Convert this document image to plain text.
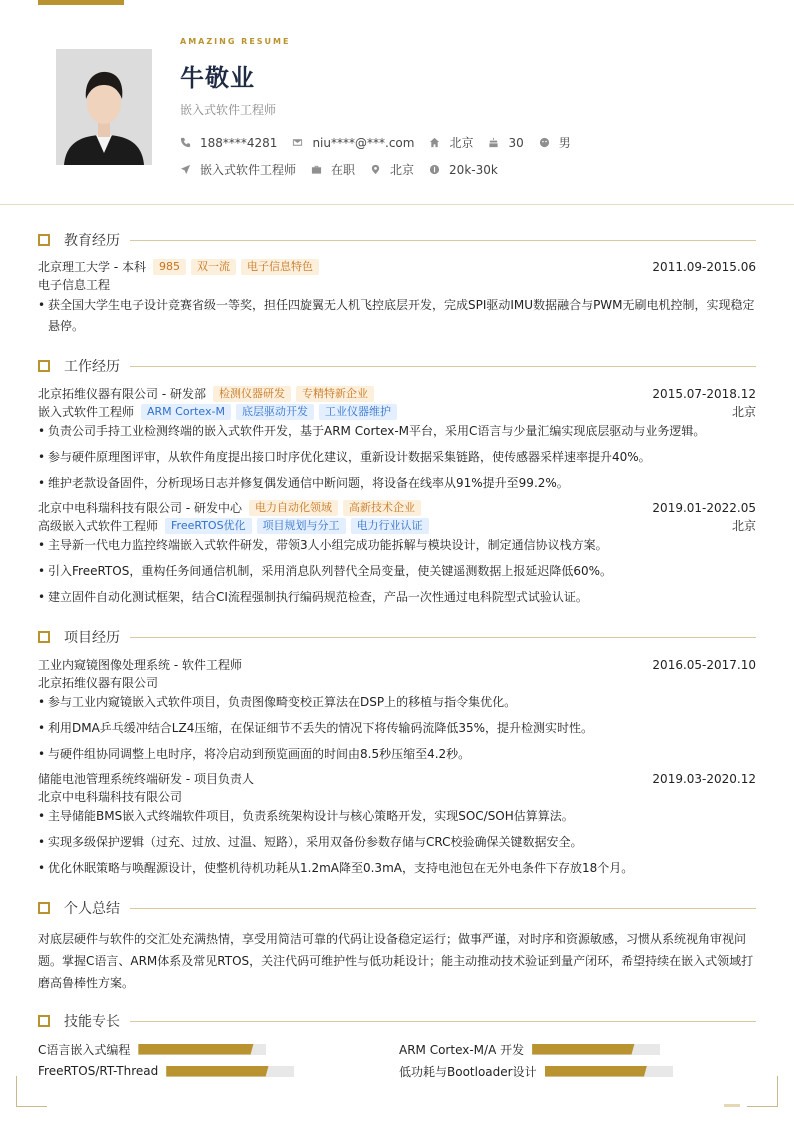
AMAZING RESUME
牛敬业
嵌入式软件工程师
188****4281	niu****@***.com	北京	30	男
嵌入式软件工程师	在职	北京	20k-30k
教育经历
北京理工大学 - 本科	985	双一流	电子信息特色	2011.09-2015.06
电子信息工程
• 获全国大学生电子设计竞赛省级一等奖，担任四旋翼无人机飞控底层开发，完成SPI驱动IMU数据融合与PWM无刷电机控制，实现稳定悬停。
工作经历
北京拓维仪器有限公司 - 研发部	检测仪器研发	专精特新企业	2015.07-2018.12
嵌入式软件工程师	ARM Cortex-M	底层驱动开发	工业仪器维护	北京
• 负责公司手持工业检测终端的嵌入式软件开发，基于ARM Cortex-M平台，采用C语言与少量汇编实现底层驱动与业务逻辑。
• 参与硬件原理图评审，从软件角度提出接口时序优化建议，重新设计数据采集链路，使传感器采样速率提升40%。
• 维护老款设备固件，分析现场日志并修复偶发通信中断问题，将设备在线率从91%提升至99.2%。
北京中电科瑞科技有限公司 - 研发中心	电力自动化领域	高新技术企业	2019.01-2022.05
高级嵌入式软件工程师	FreeRTOS优化	项目规划与分工	电力行业认证	北京
• 主导新一代电力监控终端嵌入式软件研发，带领3人小组完成功能拆解与模块设计，制定通信协议栈方案。
• 引入FreeRTOS，重构任务间通信机制，采用消息队列替代全局变量，使关键遥测数据上报延迟降低60%。
• 建立固件自动化测试框架，结合CI流程强制执行编码规范检查，产品一次性通过电科院型式试验认证。
项目经历
工业内窥镜图像处理系统 - 软件工程师	2016.05-2017.10
北京拓维仪器有限公司
• 参与工业内窥镜嵌入式软件项目，负责图像畸变校正算法在DSP上的移植与指令集优化。
• 利用DMA乒乓缓冲结合LZ4压缩，在保证细节不丢失的情况下将传输码流降低35%，提升检测实时性。
• 与硬件组协同调整上电时序，将冷启动到预览画面的时间由8.5秒压缩至4.2秒。
储能电池管理系统终端研发 - 项目负责人	2019.03-2020.12
北京中电科瑞科技有限公司
• 主导储能BMS嵌入式终端软件项目，负责系统架构设计与核心策略开发，实现SOC/SOH估算算法。
• 实现多级保护逻辑（过充、过放、过温、短路），采用双备份参数存储与CRC校验确保关键数据安全。
• 优化休眠策略与唤醒源设计，使整机待机功耗从1.2mA降至0.3mA，支持电池包在无外电条件下存放18个月。
个人总结
对底层硬件与软件的交汇处充满热情，享受用简洁可靠的代码让设备稳定运行；做事严谨，对时序和资源敏感，习惯从系统视角审视问题。掌握C语言、ARM体系及常见RTOS，关注代码可维护性与低功耗设计；能主动推动技术验证到量产闭环，希望持续在嵌入式领域打磨高鲁棒性方案。
技能专长
C语言嵌入式编程	ARM Cortex-M/A 开发
FreeRTOS/RT-Thread	低功耗与Bootloader设计
